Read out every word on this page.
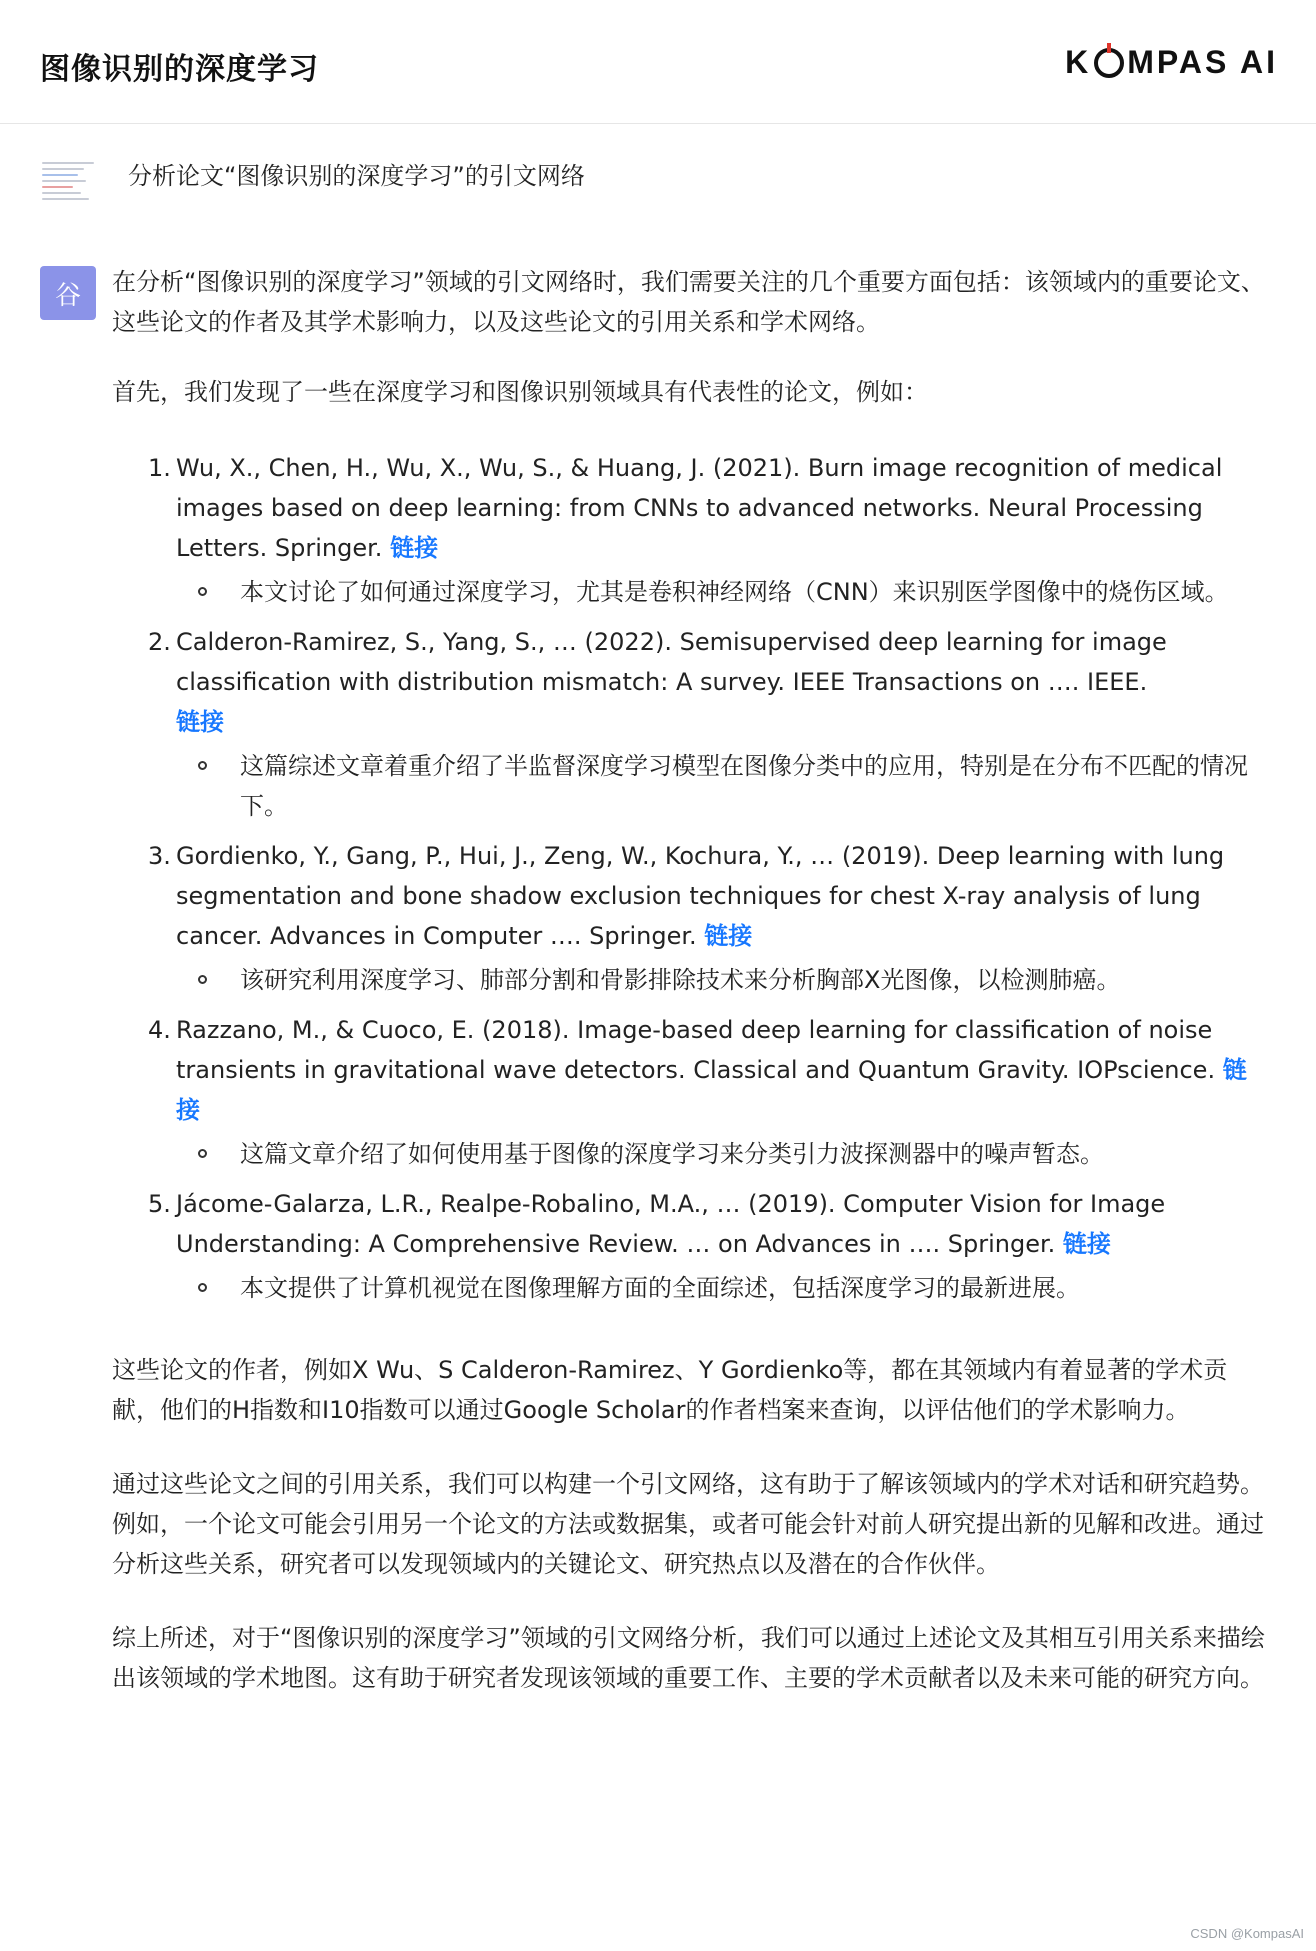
图像识别的深度学习	K MPAS AI
分析论文“图像识别的深度学习”的引文网络
谷	在分析“图像识别的深度学习”领域的引文网络时，我们需要关注的几个重要方面包括：该领域内的重要论文、这些论文的作者及其学术影响力，以及这些论文的引用关系和学术网络。

首先，我们发现了一些在深度学习和图像识别领域具有代表性的论文，例如：

1. Wu, X., Chen, H., Wu, X., Wu, S., & Huang, J. (2021). Burn image recognition of medical images based on deep learning: from CNNs to advanced networks. Neural Processing Letters. Springer. 链接
本文讨论了如何通过深度学习，尤其是卷积神经网络（CNN）来识别医学图像中的烧伤区域。
2. Calderon-Ramirez, S., Yang, S., … (2022). Semisupervised deep learning for image classification with distribution mismatch: A survey. IEEE Transactions on …. IEEE.
链接
这篇综述文章着重介绍了半监督深度学习模型在图像分类中的应用，特别是在分布不匹配的情况下。
3. Gordienko, Y., Gang, P., Hui, J., Zeng, W., Kochura, Y., … (2019). Deep learning with lung segmentation and bone shadow exclusion techniques for chest X-ray analysis of lung cancer. Advances in Computer …. Springer. 链接
该研究利用深度学习、肺部分割和骨影排除技术来分析胸部X光图像，以检测肺癌。
4. Razzano, M., & Cuoco, E. (2018). Image-based deep learning for classification of noise transients in gravitational wave detectors. Classical and Quantum Gravity. IOPscience. 链接
这篇文章介绍了如何使用基于图像的深度学习来分类引力波探测器中的噪声暂态。
5. Jácome-Galarza, L.R., Realpe-Robalino, M.A., … (2019). Computer Vision for Image Understanding: A Comprehensive Review. … on Advances in …. Springer. 链接
本文提供了计算机视觉在图像理解方面的全面综述，包括深度学习的最新进展。

这些论文的作者，例如X Wu、S Calderon-Ramirez、Y Gordienko等，都在其领域内有着显著的学术贡献，他们的H指数和I10指数可以通过Google Scholar的作者档案来查询，以评估他们的学术影响力。

通过这些论文之间的引用关系，我们可以构建一个引文网络，这有助于了解该领域内的学术对话和研究趋势。例如，一个论文可能会引用另一个论文的方法或数据集，或者可能会针对前人研究提出新的见解和改进。通过分析这些关系，研究者可以发现领域内的关键论文、研究热点以及潜在的合作伙伴。

综上所述，对于“图像识别的深度学习”领域的引文网络分析，我们可以通过上述论文及其相互引用关系来描绘出该领域的学术地图。这有助于研究者发现该领域的重要工作、主要的学术贡献者以及未来可能的研究方向。

CSDN @KompasAI
